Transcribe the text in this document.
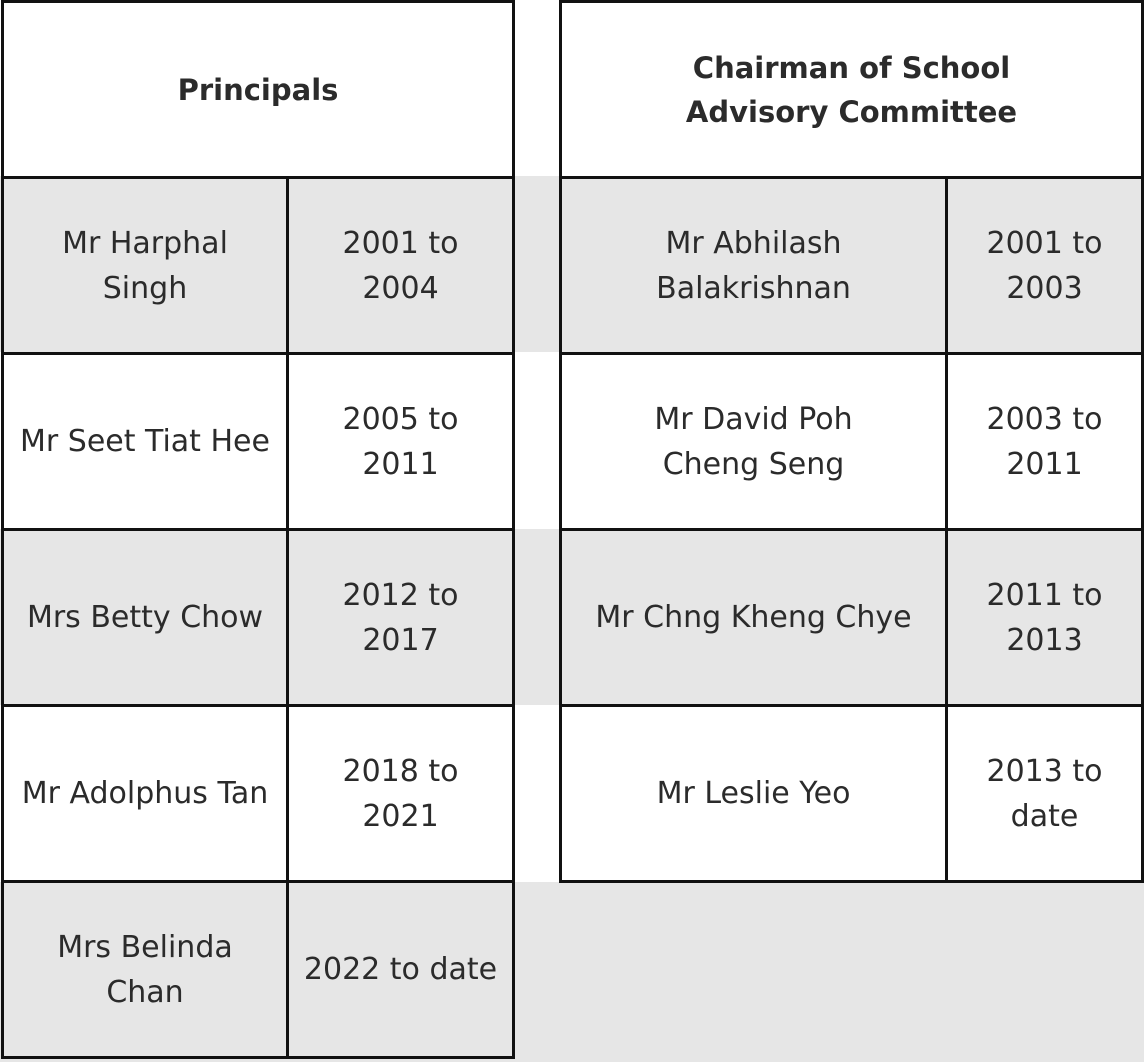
Principals	
Mr Harphal Singh	2001 to 2004
Mr Seet Tiat Hee	2005 to 2011
Mrs Betty Chow	2012 to 2017
Mr Adolphus Tan	2018 to 2021
Mrs Belinda Chan	2022 to date
Chairman of School Advisory Committee	
Mr Abhilash Balakrishnan	2001 to 2003
Mr David Poh Cheng Seng	2003 to 2011
Mr Chng Kheng Chye	2011 to 2013
Mr Leslie Yeo	2013 to date
